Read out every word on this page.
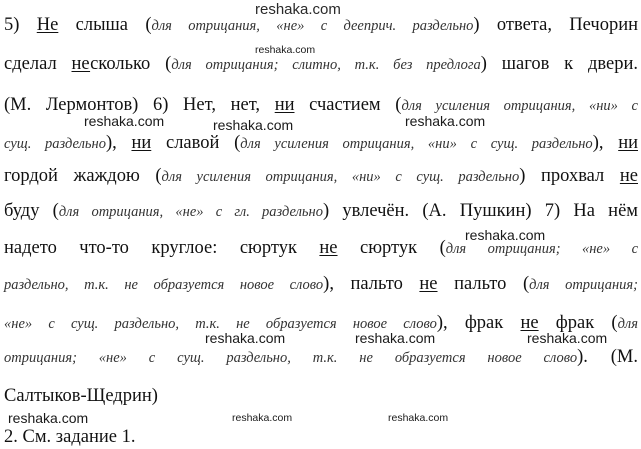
5) Не слыша (для отрицания, «не» с дееприч. раздельно) ответа, Печорин
сделал несколько (для отрицания; слитно, т.к. без предлога) шагов к двери.
(М. Лермонтов) 6) Нет, нет, ни счастием (для усиления отрицания, «ни» с
сущ. раздельно), ни славой (для усиления отрицания, «ни» с сущ. раздельно), ни
гордой жаждою (для усиления отрицания, «ни» с сущ. раздельно) прохвал не
буду (для отрицания, «не» с гл. раздельно) увлечён. (А. Пушкин) 7) На нём
надето что-то круглое: сюртук не сюртук (для отрицания; «не» с
раздельно, т.к. не образуется новое слово), пальто не пальто (для отрицания;
«не» с сущ. раздельно, т.к. не образуется новое слово), фрак не фрак (для
отрицания; «не» с сущ. раздельно, т.к. не образуется новое слово). (М.
Салтыков-Щедрин)
2. См. задание 1.
reshaka.com
reshaka.com
reshaka.com	reshaka.com	reshaka.com
reshaka.com
reshaka.com	reshaka.com	reshaka.com
reshaka.com	reshaka.com	reshaka.com
